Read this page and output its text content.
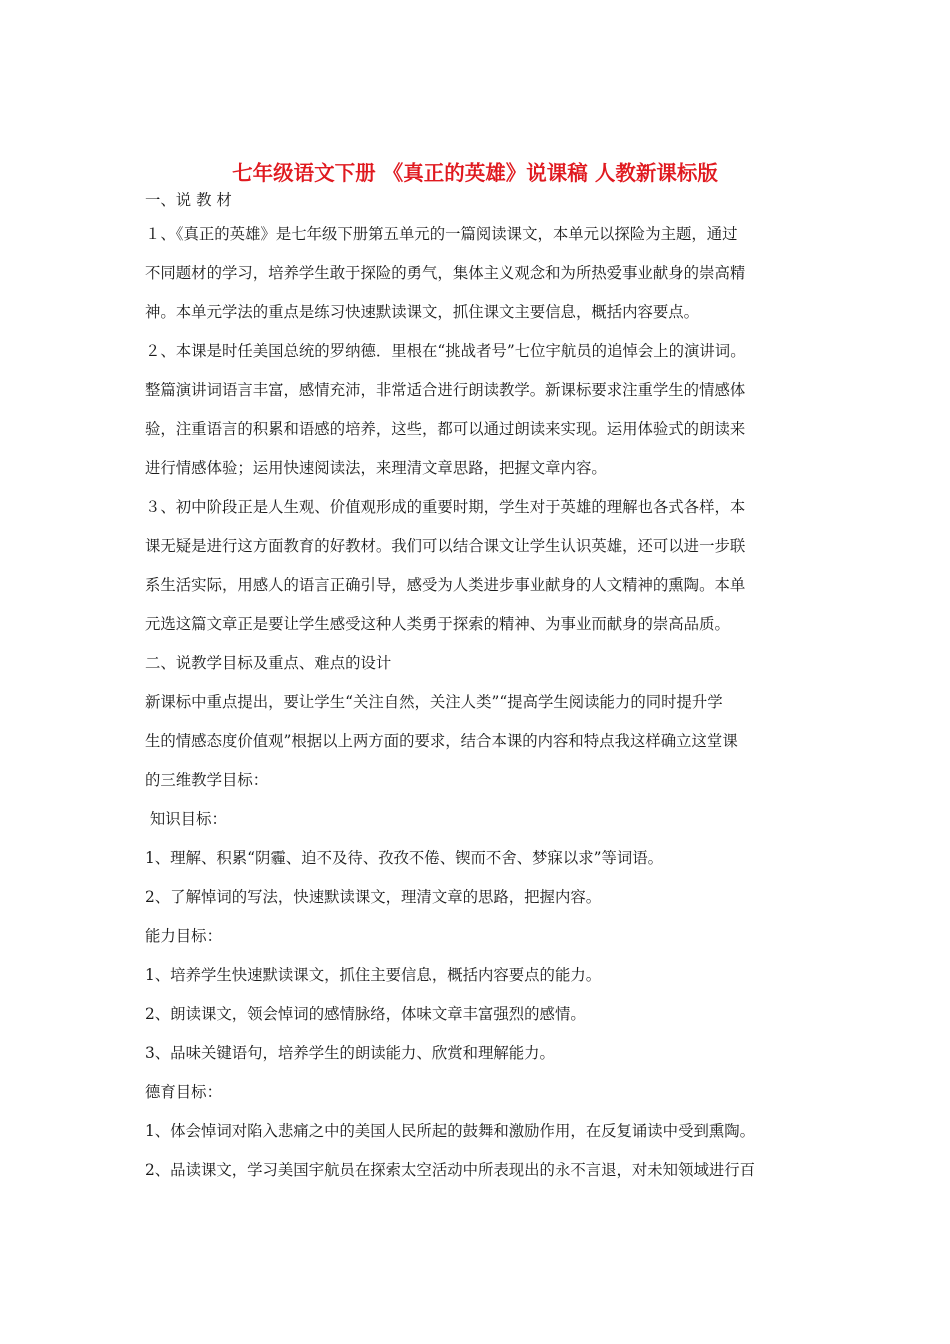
七年级语文下册 《真正的英雄》说课稿 人教新课标版
一、说 教 材
１、《真正的英雄》是七年级下册第五单元的一篇阅读课文，本单元以探险为主题，通过
不同题材的学习，培养学生敢于探险的勇气，集体主义观念和为所热爱事业献身的崇高精
神。本单元学法的重点是练习快速默读课文，抓住课文主要信息，概括内容要点。
２、本课是时任美国总统的罗纳德．里根在“挑战者号”七位宇航员的追悼会上的演讲词。
整篇演讲词语言丰富，感情充沛，非常适合进行朗读教学。新课标要求注重学生的情感体
验，注重语言的积累和语感的培养，这些，都可以通过朗读来实现。运用体验式的朗读来
进行情感体验；运用快速阅读法，来理清文章思路，把握文章内容。
３、初中阶段正是人生观、价值观形成的重要时期，学生对于英雄的理解也各式各样，本
课无疑是进行这方面教育的好教材。我们可以结合课文让学生认识英雄，还可以进一步联
系生活实际，用感人的语言正确引导，感受为人类进步事业献身的人文精神的熏陶。本单
元选这篇文章正是要让学生感受这种人类勇于探索的精神、为事业而献身的崇高品质。
二、说教学目标及重点、难点的设计
新课标中重点提出，要让学生“关注自然，关注人类”“提高学生阅读能力的同时提升学
生的情感态度价值观”根据以上两方面的要求，结合本课的内容和特点我这样确立这堂课
的三维教学目标：
知识目标：
1、理解、积累“阴霾、迫不及待、孜孜不倦、锲而不舍、梦寐以求”等词语。
2、了解悼词的写法，快速默读课文，理清文章的思路，把握内容。
能力目标：
1、培养学生快速默读课文，抓住主要信息，概括内容要点的能力。
2、朗读课文，领会悼词的感情脉络，体味文章丰富强烈的感情。
3、品味关键语句，培养学生的朗读能力、欣赏和理解能力。
德育目标：
1、体会悼词对陷入悲痛之中的美国人民所起的鼓舞和激励作用，在反复诵读中受到熏陶。
2、品读课文，学习美国宇航员在探索太空活动中所表现出的永不言退，对未知领域进行百
